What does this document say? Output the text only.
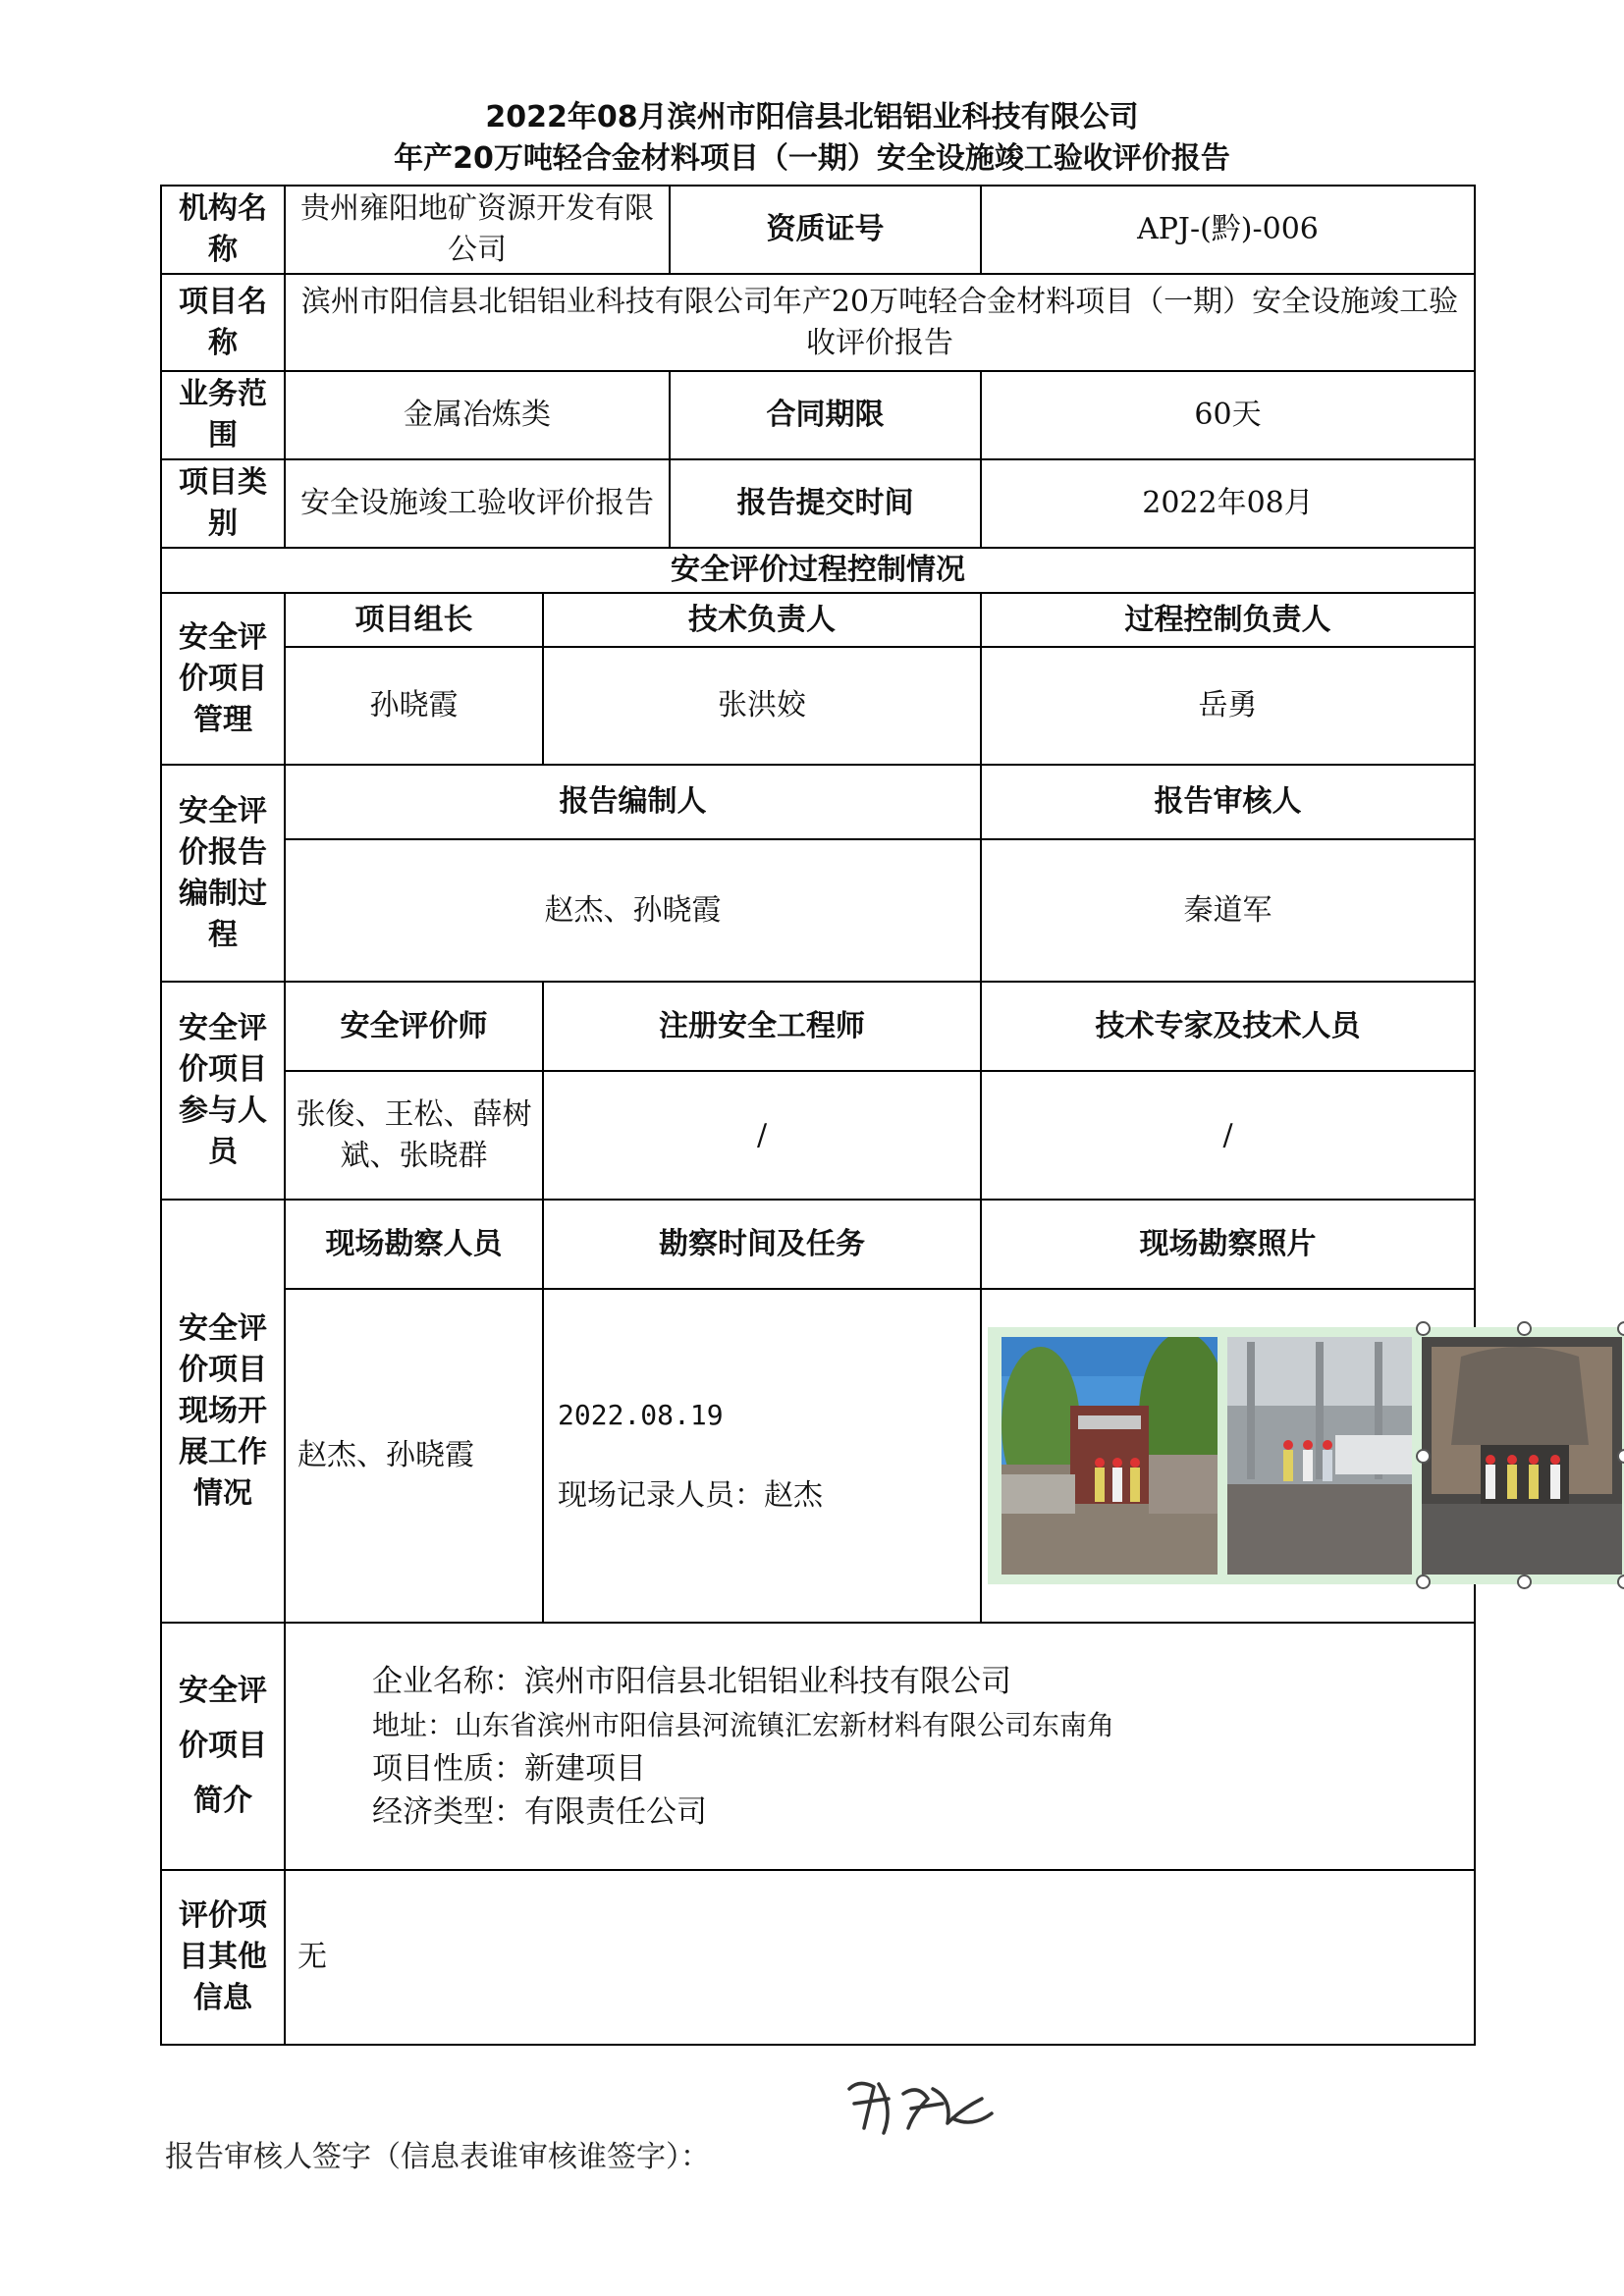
2022年08月滨州市阳信县北铝铝业科技有限公司
年产20万吨轻合金材料项目（一期）安全设施竣工验收评价报告
机构名称	贵州雍阳地矿资源开发有限公司		资质证号	APJ-(黔)-006
项目名称	滨州市阳信县北铝铝业科技有限公司年产20万吨轻合金材料项目（一期）安全设施竣工验收评价报告			
业务范围	金属冶炼类		合同期限	60天
项目类别	安全设施竣工验收评价报告		报告提交时间	2022年08月
安全评价过程控制情况				
安全评价项目管理	项目组长	技术负责人		过程控制负责人
	孙晓霞	张洪姣		岳勇
安全评价报告编制过程	报告编制人			报告审核人
	赵杰、孙晓霞			秦道军
安全评价项目参与人员	安全评价师	注册安全工程师		技术专家及技术人员
	张俊、王松、薛树斌、张晓群	/		/
安全评价项目现场开展工作情况	现场勘察人员	勘察时间及任务		现场勘察照片
	赵杰、孙晓霞	2022.08.19
现场记录人员：赵杰

安全评价项目简介	企业名称：滨州市阳信县北铝铝业科技有限公司
地址：山东省滨州市阳信县河流镇汇宏新材料有限公司东南角
项目性质：新建项目
经济类型：有限责任公司			

评价项目其他信息	无			
报告审核人签字（信息表谁审核谁签字）：
